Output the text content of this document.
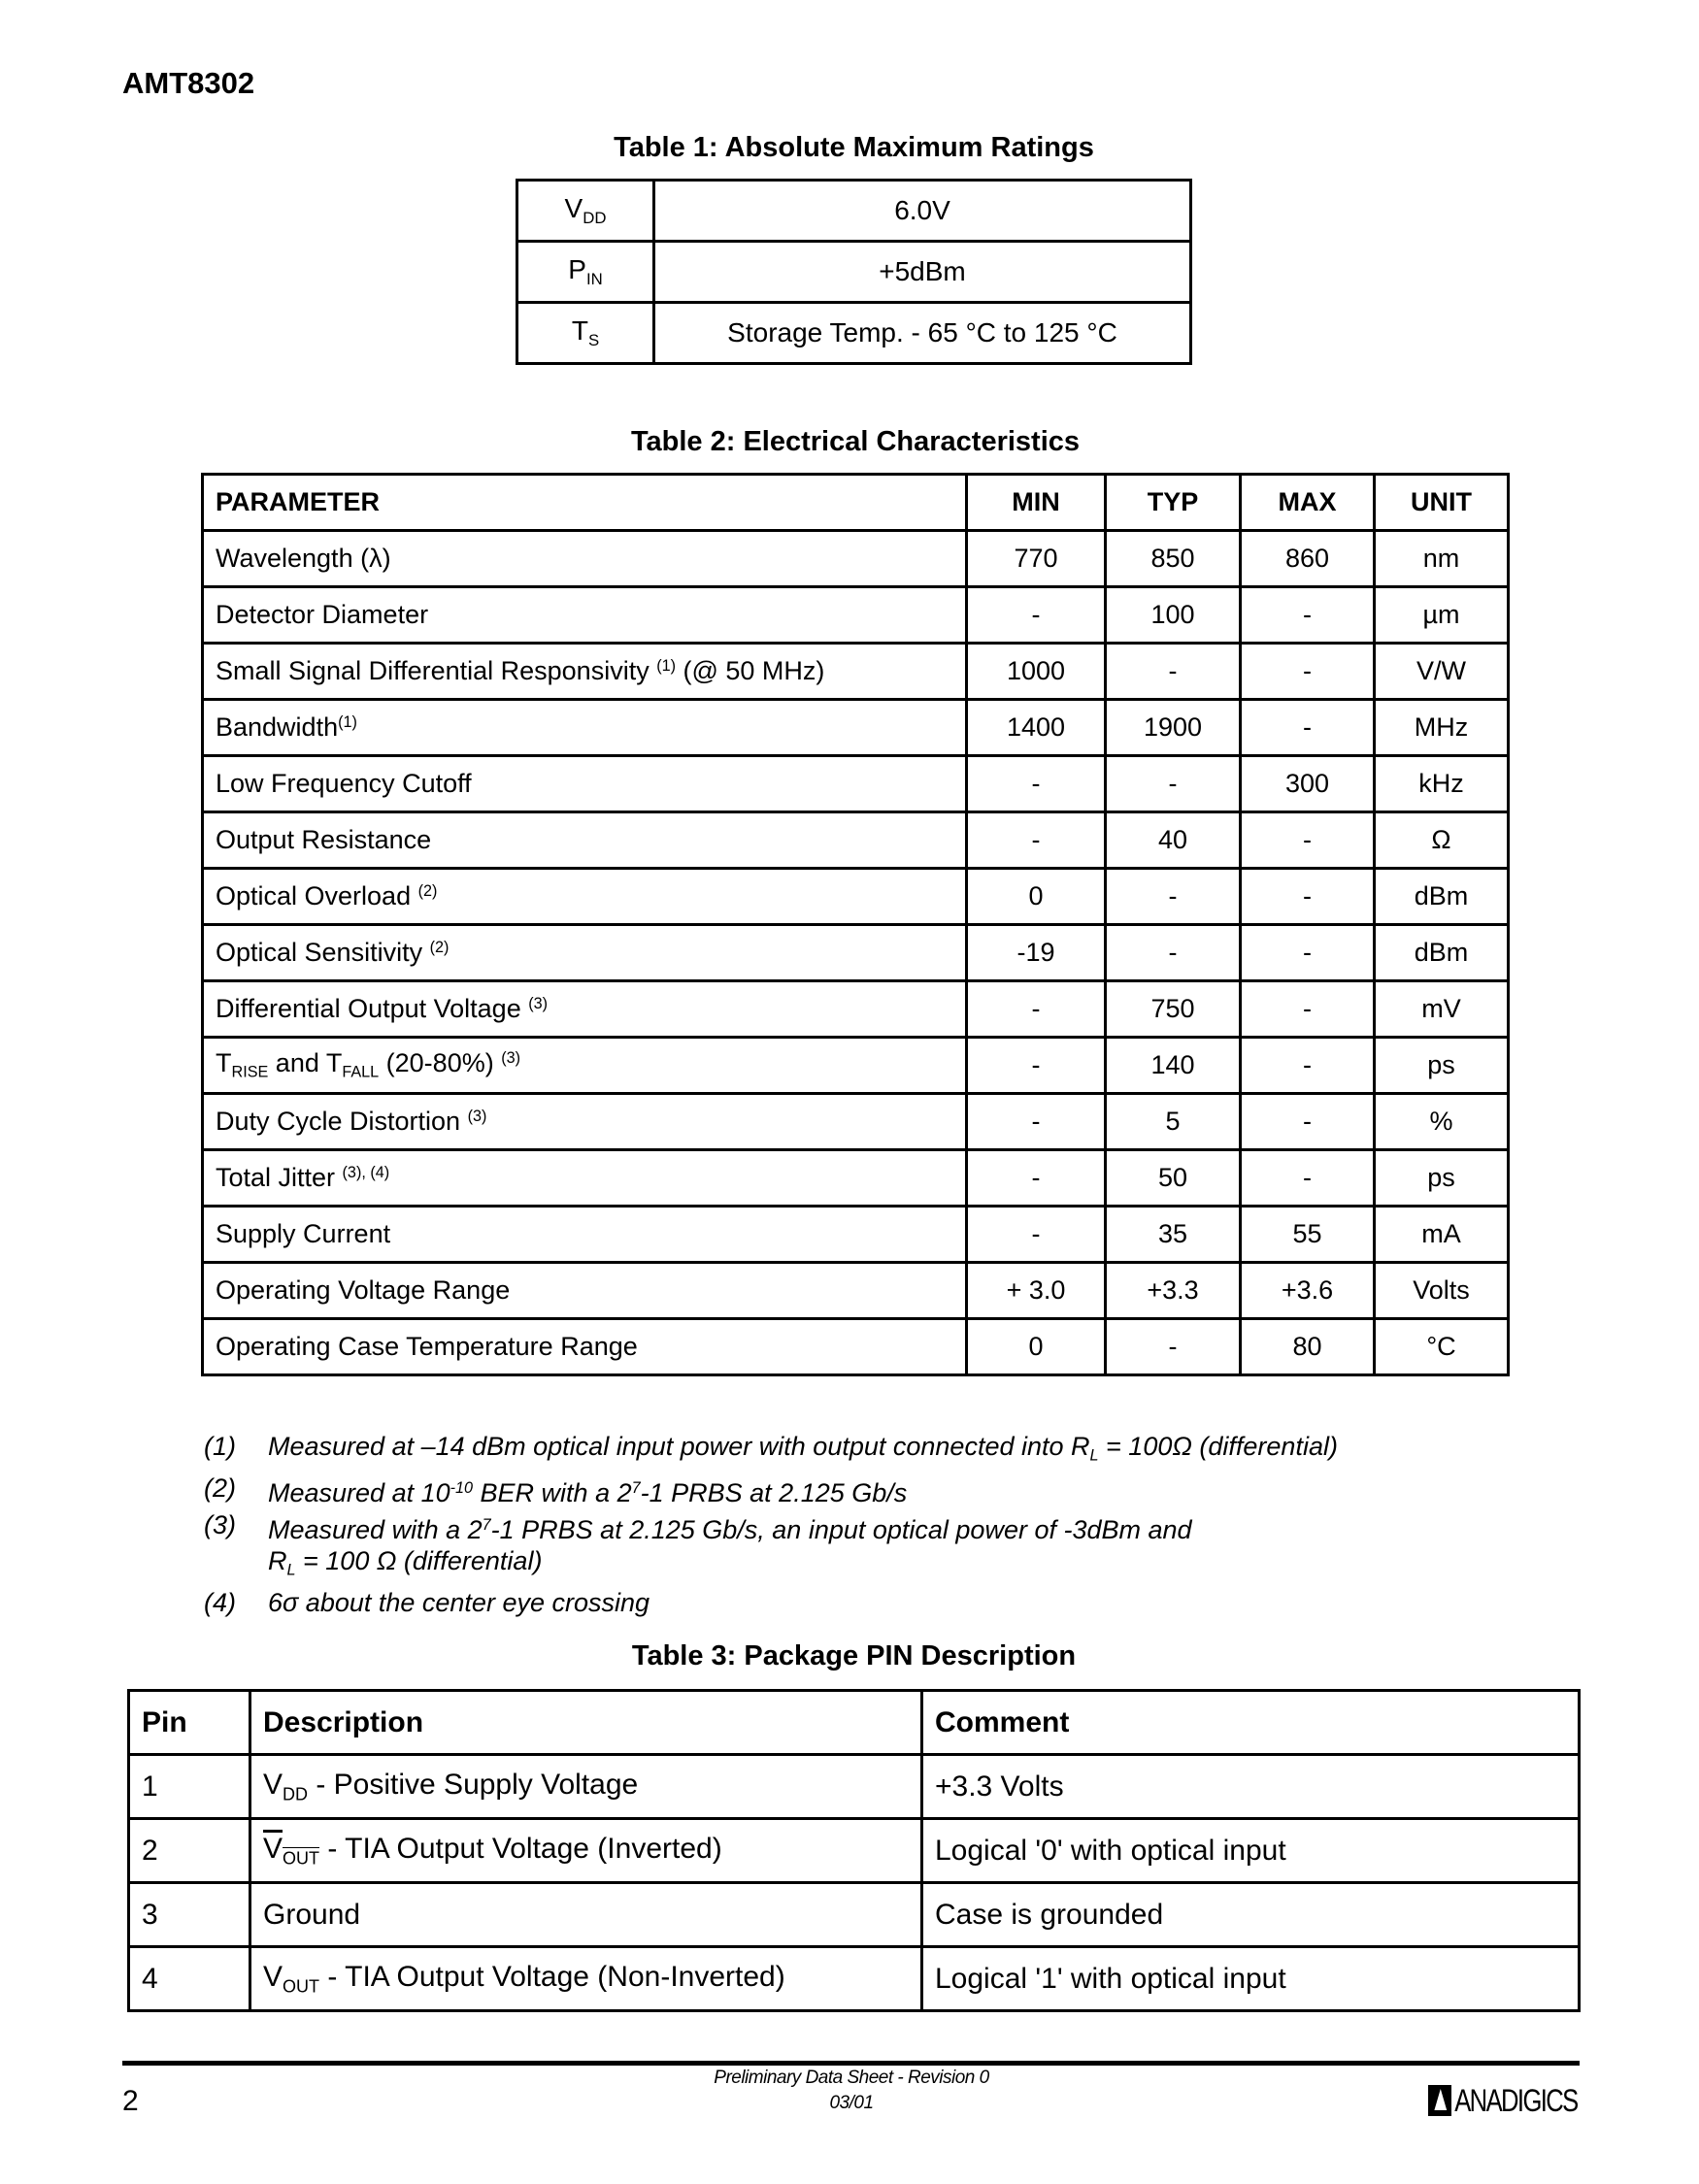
AMT8302
Table 1: Absolute Maximum Ratings
$V_{DD}$	6.0V
$P_{IN}$	+5dBm
$T_S$	Storage Temp. - 65 °C to 125 °C
Table 2: Electrical Characteristics
PARAMETER	MIN	TYP	MAX	UNIT
Wavelength (λ)	770	850	860	nm
Detector Diameter	-	100	-	µm
Small Signal Differential Responsivity $^{(1)}$ (@ 50 MHz)	1000	-	-	V/W
Bandwidth$^{(1)}$	1400	1900	-	MHz
Low Frequency Cutoff	-	-	300	kHz
Output Resistance	-	40	-	Ω
Optical Overload $^{(2)}$	0	-	-	dBm
Optical Sensitivity $^{(2)}$	-19	-	-	dBm
Differential Output Voltage $^{(3)}$	-	750	-	mV
$T_{RISE}$ and $T_{FALL}$ (20-80%) $^{(3)}$	-	140	-	ps
Duty Cycle Distortion $^{(3)}$	-	5	-	%
Total Jitter $^{(3), (4)}$	-	50	-	ps
Supply Current	-	35	55	mA
Operating Voltage Range	+ 3.0	+3.3	+3.6	Volts
Operating Case Temperature Range	0	-	80	°C
(1)	Measured at –14 dBm optical input power with output connected into $R_L = 100\Omega$ (differential)
(2)	Measured at $10^{-10}$ BER with a $2^7-1$ PRBS at 2.125 Gb/s
(3)	Measured with a $2^7-1$ PRBS at 2.125 Gb/s, an input optical power of -3dBm and
$R_L = 100$ Ω (differential)
(4)	6σ about the center eye crossing
Table 3: Package PIN Description
Pin	Description	Comment
1	$V_{DD}$ - Positive Supply Voltage	+3.3 Volts
2	$\overline{V}_{\overline{OUT}}$ - TIA Output Voltage (Inverted)	Logical '0' with optical input
3	Ground	Case is grounded
4	$V_{OUT}$ - TIA Output Voltage (Non-Inverted)	Logical '1' with optical input
2
Preliminary Data Sheet - Revision 0
03/01	ANADIGICS
